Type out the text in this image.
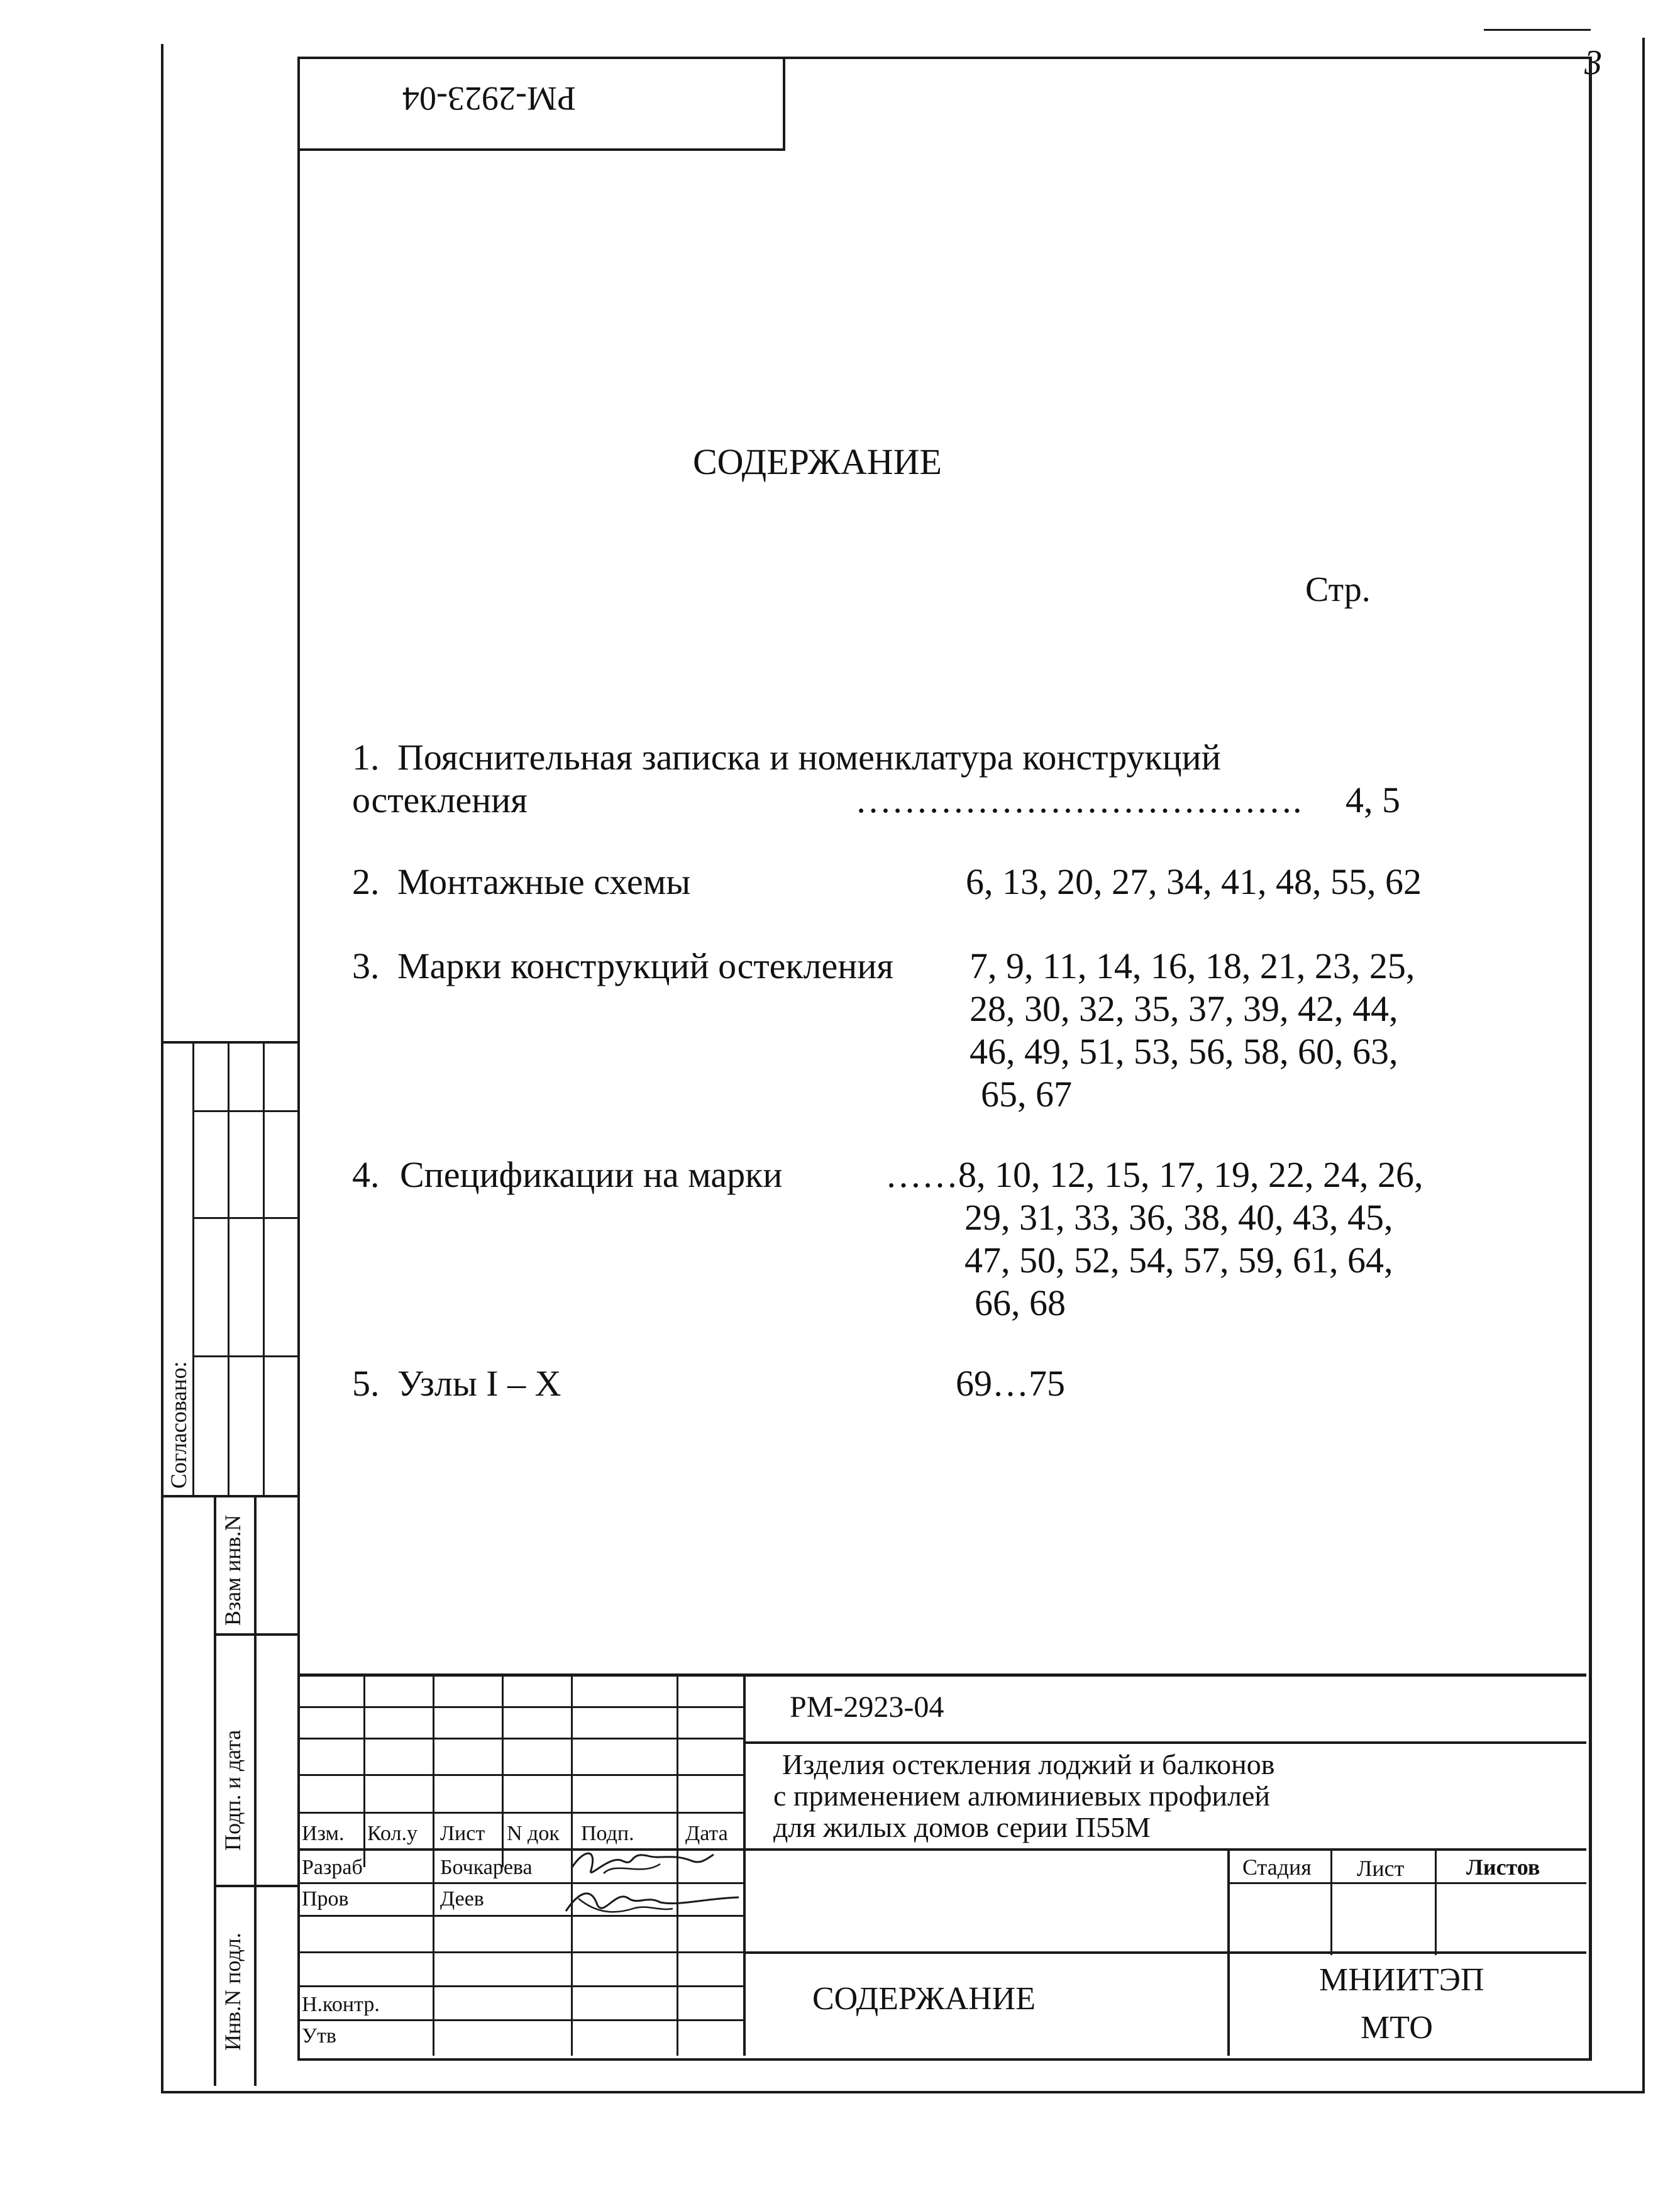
3
РМ-2923-04
СОДЕРЖАНИЕ
Стр.
1. Пояснительная записка и номенклатура конструкций
остекления	………………………………. 4, 5
2. Монтажные схемы	6, 13, 20, 27, 34, 41, 48, 55, 62
3. Марки конструкций остекления 7, 9, 11, 14, 16, 18, 21, 23, 25,
28, 30, 32, 35, 37, 39, 42, 44,
46, 49, 51, 53, 56, 58, 60, 63,
65, 67
4. Спецификации на марки	…… 8, 10, 12, 15, 17, 19, 22, 24, 26,
29, 31, 33, 36, 38, 40, 43, 45,
47, 50, 52, 54, 57, 59, 61, 64,
66, 68
5. Узлы I – X	69…75
Согласовано:
Взам инв.N
Подп. и дата
Инв.N подл.
Изм. Кол.у Лист N док Подп. Дата
Разраб	Бочкарева
Пров	Деев
Н.контр.
Утв
РМ-2923-04
Изделия остекления лоджий и балконов
с применением алюминиевых профилей
для жилых домов серии П55М
Стадия Лист	Листов
СОДЕРЖАНИЕ
МНИИТЭП
МТО
